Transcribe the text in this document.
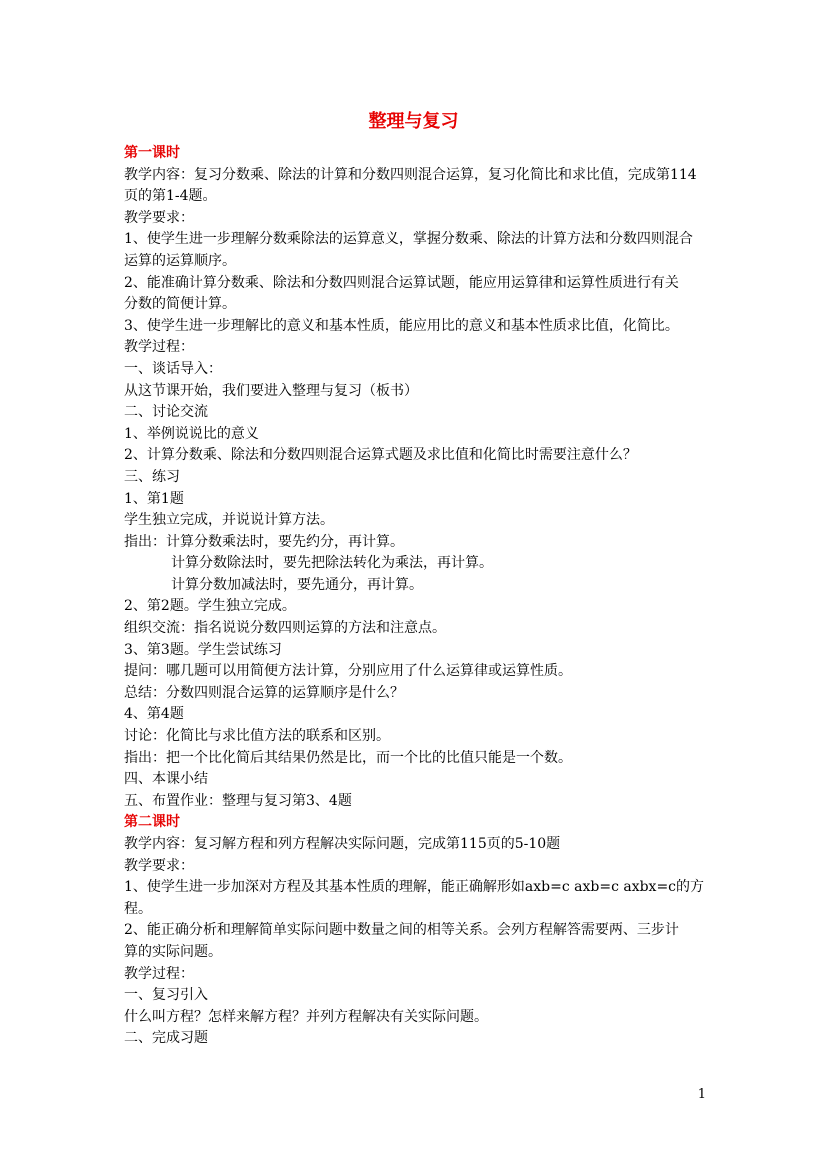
整理与复习

第一课时

教学内容：复习分数乘、除法的计算和分数四则混合运算，复习化简比和求比值，完成第114

页的第1-4题。

教学要求：

1、使学生进一步理解分数乘除法的运算意义，掌握分数乘、除法的计算方法和分数四则混合

运算的运算顺序。

2、能准确计算分数乘、除法和分数四则混合运算试题，能应用运算律和运算性质进行有关

分数的简便计算。

3、使学生进一步理解比的意义和基本性质，能应用比的意义和基本性质求比值，化简比。

教学过程：

一、谈话导入：

从这节课开始，我们要进入整理与复习（板书）

二、讨论交流

1、举例说说比的意义

2、计算分数乘、除法和分数四则混合运算式题及求比值和化简比时需要注意什么？

三、练习

1、第1题

学生独立完成，并说说计算方法。

指出：计算分数乘法时，要先约分，再计算。

计算分数除法时，要先把除法转化为乘法，再计算。

计算分数加减法时，要先通分，再计算。

2、第2题。学生独立完成。

组织交流：指名说说分数四则运算的方法和注意点。

3、第3题。学生尝试练习

提问：哪几题可以用简便方法计算，分别应用了什么运算律或运算性质。

总结：分数四则混合运算的运算顺序是什么？

4、第4题

讨论：化简比与求比值方法的联系和区别。

指出：把一个比化简后其结果仍然是比，而一个比的比值只能是一个数。

四、本课小结

五、布置作业：整理与复习第3、4题

第二课时

教学内容：复习解方程和列方程解决实际问题，完成第115页的5-10题

教学要求：

1、使学生进一步加深对方程及其基本性质的理解，能正确解形如axb=c axb=c axbx=c的方

程。

2、能正确分析和理解简单实际问题中数量之间的相等关系。会列方程解答需要两、三步计

算的实际问题。

教学过程：

一、复习引入

什么叫方程？怎样来解方程？并列方程解决有关实际问题。

二、完成习题

1
